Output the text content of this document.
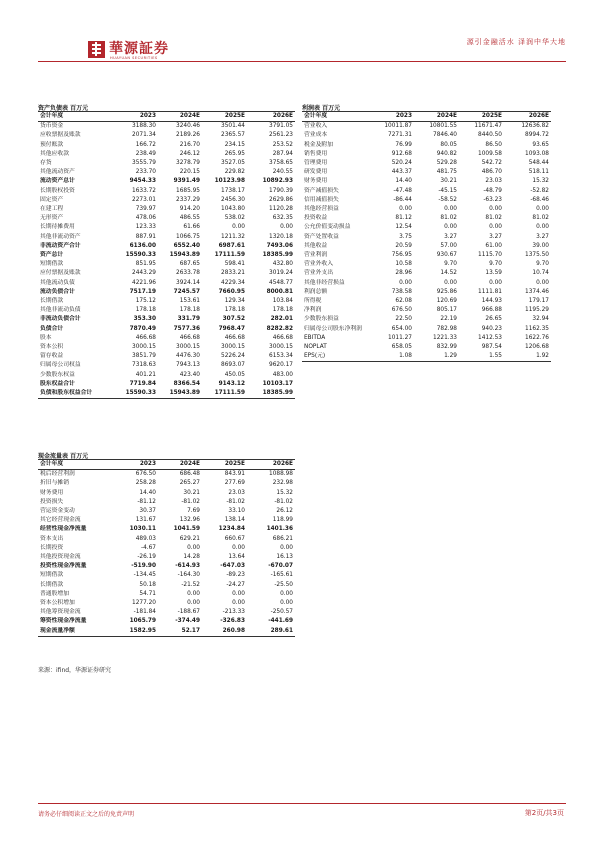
華源証券
HUAYUAN SECURITIES
源引金融活水 泽润中华大地
资产负债表 百万元
会计年度	2023	2024E	2025E	2026E
货币资金	3188.30	3240.46	3501.44	3791.05
应收票据及账款	2071.34	2189.26	2365.57	2561.23
预付账款	166.72	216.70	234.15	253.52
其他应收款	238.49	246.12	265.95	287.94
存货	3555.79	3278.79	3527.05	3758.65
其他流动资产	233.70	220.15	229.82	240.55
流动资产总计	9454.33	9391.49	10123.98	10892.93
长期股权投资	1633.72	1685.95	1738.17	1790.39
固定资产	2273.01	2337.29	2456.30	2629.86
在建工程	739.97	914.20	1043.80	1120.28
无形资产	478.06	486.55	538.02	632.35
长期待摊费用	123.33	61.66	0.00	0.00
其他非流动资产	887.91	1066.75	1211.32	1320.18
非流动资产合计	6136.00	6552.40	6987.61	7493.06
资产总计	15590.33	15943.89	17111.59	18385.99
短期借款	851.95	687.65	598.41	432.80
应付票据及账款	2443.29	2633.78	2833.21	3019.24
其他流动负债	4221.96	3924.14	4229.34	4548.77
流动负债合计	7517.19	7245.57	7660.95	8000.81
长期借款	175.12	153.61	129.34	103.84
其他非流动负债	178.18	178.18	178.18	178.18
非流动负债合计	353.30	331.79	307.52	282.01
负债合计	7870.49	7577.36	7968.47	8282.82
股本	466.68	466.68	466.68	466.68
资本公积	3000.15	3000.15	3000.15	3000.15
留存收益	3851.79	4476.30	5226.24	6153.34
归属母公司权益	7318.63	7943.13	8693.07	9620.17
少数股东权益	401.21	423.40	450.05	483.00
股东权益合计	7719.84	8366.54	9143.12	10103.17
负债和股东权益合计	15590.33	15943.89	17111.59	18385.99
利润表 百万元
会计年度	2023	2024E	2025E	2026E
营业收入	10011.87	10801.55	11671.47	12636.82
营业成本	7271.31	7846.40	8440.50	8994.72
税金及附加	76.99	80.05	86.50	93.65
销售费用	912.68	940.82	1009.58	1093.08
管理费用	520.24	529.28	542.72	548.44
研发费用	443.37	481.75	486.70	518.11
财务费用	14.40	30.21	23.03	15.32
资产减值损失	-47.48	-45.15	-48.79	-52.82
信用减值损失	-86.44	-58.52	-63.23	-68.46
其他经营损益	0.00	0.00	0.00	0.00
投资收益	81.12	81.02	81.02	81.02
公允价值变动损益	12.54	0.00	0.00	0.00
资产处置收益	3.75	3.27	3.27	3.27
其他收益	20.59	57.00	61.00	39.00
营业利润	756.95	930.67	1115.70	1375.50
营业外收入	10.58	9.70	9.70	9.70
营业外支出	28.96	14.52	13.59	10.74
其他非经营损益	0.00	0.00	0.00	0.00
利润总额	738.58	925.86	1111.81	1374.46
所得税	62.08	120.69	144.93	179.17
净利润	676.50	805.17	966.88	1195.29
少数股东损益	22.50	22.19	26.65	32.94
归属母公司股东净利润	654.00	782.98	940.23	1162.35
EBITDA	1011.27	1221.33	1412.53	1622.76
NOPLAT	658.05	832.99	987.54	1206.68
EPS(元)	1.08	1.29	1.55	1.92
现金流量表 百万元
会计年度	2023	2024E	2025E	2026E
税后经营利润	676.50	686.48	843.91	1088.98
折旧与摊销	258.28	265.27	277.69	232.98
财务费用	14.40	30.21	23.03	15.32
投资损失	-81.12	-81.02	-81.02	-81.02
营运资金变动	30.37	7.69	33.10	26.12
其它经营现金流	131.67	132.96	138.14	118.99
经营性现金净流量	1030.11	1041.59	1234.84	1401.36
资本支出	489.03	629.21	660.67	686.21
长期投资	-4.67	0.00	0.00	0.00
其他投资现金流	-26.19	14.28	13.64	16.13
投资性现金净流量	-519.90	-614.93	-647.03	-670.07
短期借款	-134.45	-164.30	-89.23	-165.61
长期借款	50.18	-21.52	-24.27	-25.50
普通股增加	54.71	0.00	0.00	0.00
资本公积增加	1277.20	0.00	0.00	0.00
其他筹资现金流	-181.84	-188.67	-213.33	-250.57
筹资性现金净流量	1065.79	-374.49	-326.83	-441.69
现金流量净额	1582.95	52.17	260.98	289.61
来源：ifind，华源证券研究
请务必仔细阅读正文之后的免责声明	第2页/共3页
